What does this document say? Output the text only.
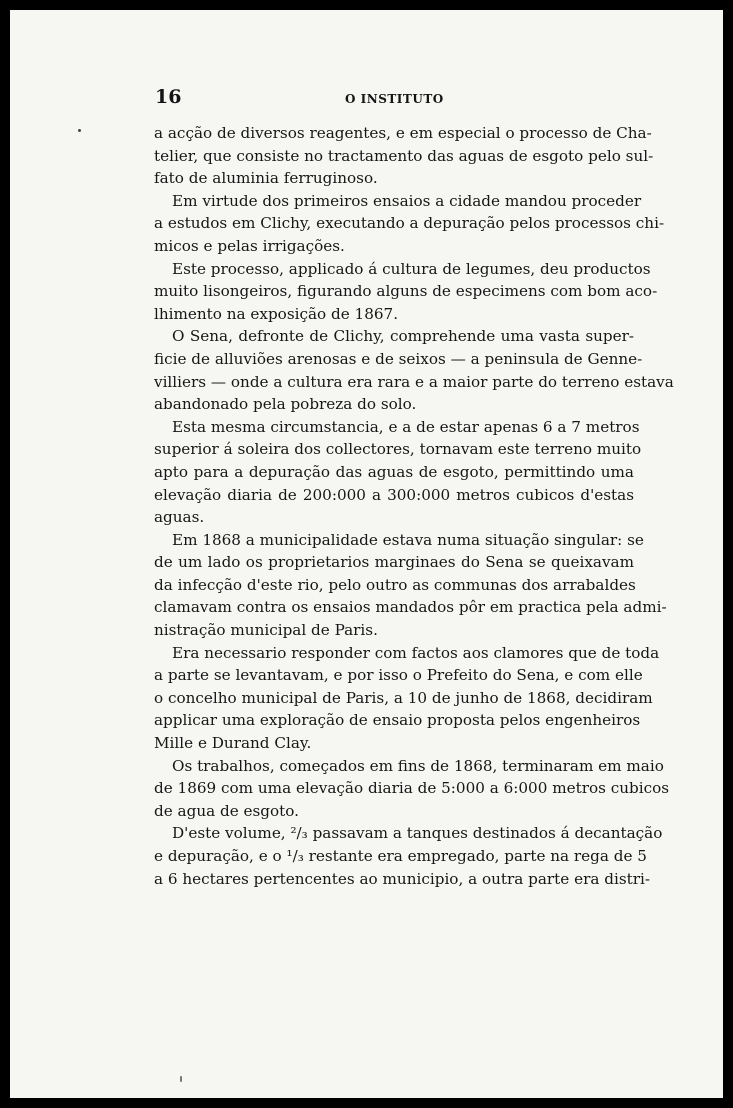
16	O INSTITUTO
a acção de diversos reagentes, e em especial o processo de Cha-
telier, que consiste no tractamento das aguas de esgoto pelo sul-
fato de aluminia ferruginoso.
Em virtude dos primeiros ensaios a cidade mandou proceder
a estudos em Clichy, executando a depuração pelos processos chi-
micos e pelas irrigações.
Este processo, applicado á cultura de legumes, deu productos
muito lisongeiros, figurando alguns de especimens com bom aco-
lhimento na exposição de 1867.
O Sena, defronte de Clichy, comprehende uma vasta super-
ficie de alluviões arenosas e de seixos — a peninsula de Genne-
villiers — onde a cultura era rara e a maior parte do terreno estava
abandonado pela pobreza do solo.
Esta mesma circumstancia, e a de estar apenas 6 a 7 metros
superior á soleira dos collectores, tornavam este terreno muito
apto para a depuração das aguas de esgoto, permittindo uma
elevação diaria de 200:000 a 300:000 metros cubicos d'estas
aguas.
Em 1868 a municipalidade estava numa situação singular: se
de um lado os proprietarios marginaes do Sena se queixavam
da infecção d'este rio, pelo outro as communas dos arrabaldes
clamavam contra os ensaios mandados pôr em practica pela admi-
nistração municipal de Paris.
Era necessario responder com factos aos clamores que de toda
a parte se levantavam, e por isso o Prefeito do Sena, e com elle
o concelho municipal de Paris, a 10 de junho de 1868, decidiram
applicar uma exploração de ensaio proposta pelos engenheiros
Mille e Durand Clay.
Os trabalhos, começados em fins de 1868, terminaram em maio
de 1869 com uma elevação diaria de 5:000 a 6:000 metros cubicos
de agua de esgoto.
D'este volume, ²/₃ passavam a tanques destinados á decantação
e depuração, e o ¹/₃ restante era empregado, parte na rega de 5
a 6 hectares pertencentes ao municipio, a outra parte era distri-
